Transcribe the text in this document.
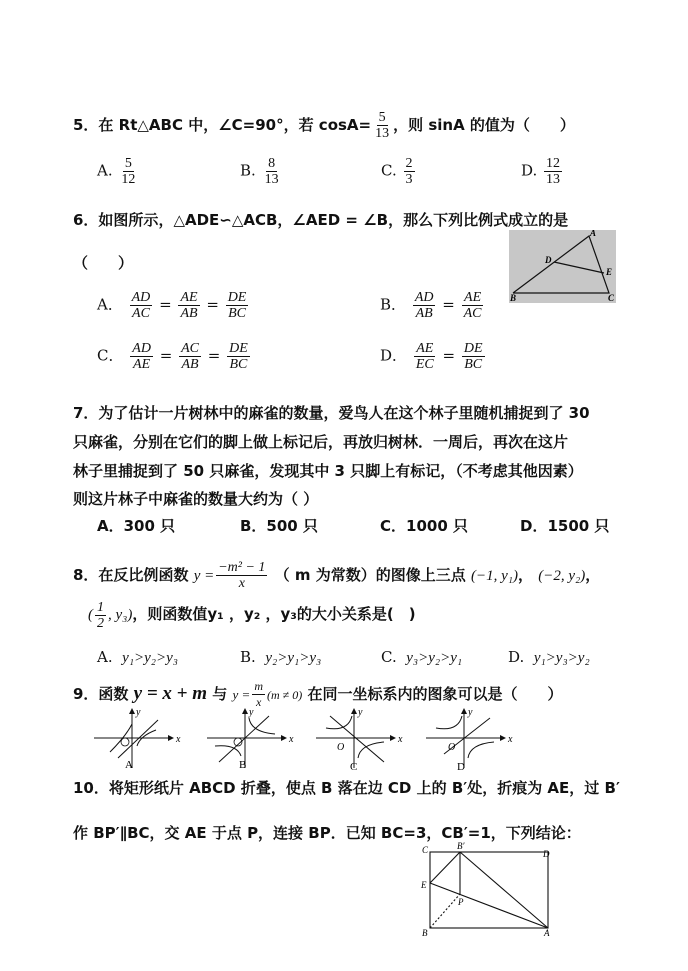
5．在 Rt△ABC 中，∠C=90°，若 $\cos A= \frac{5}{13}$ ，则 sinA 的值为（　　）
A. $\frac{5}{12}$	B. $\frac{8}{13}$	C. $\frac{2}{3}$	D. $\frac{12}{13}$
6．如图所示，△ADE∽△ACB，∠AED = ∠B，那么下列比例式成立的是
（　　）
A
D
E
B	C
A． $\frac{AD}{AC} = \frac{AE}{AB} = \frac{DE}{BC}$	B． $\frac{AD}{AB} = \frac{AE}{AC}$
C． $\frac{AD}{AE} = \frac{AC}{AB} = \frac{DE}{BC}$	D． $\frac{AE}{EC} = \frac{DE}{BC}$
7．为了估计一片树林中的麻雀的数量，爱鸟人在这个林子里随机捕捉到了 30
只麻雀，分别在它们的脚上做上标记后，再放归树林．一周后，再次在这片
林子里捕捉到了 50 只麻雀，发现其中 3 只脚上有标记，（不考虑其他因素）
则这片林子中麻雀的数量大约为（ ）
A．300 只	B．500 只	C．1000 只	D．1500 只
8．在反比例函数 $y = \frac{\text{−m² − 1}}{x}$ （ m 为常数）的图像上三点 (−1, y₁)， (−2, y₂)，
( $\frac{1}{2}$ , y₃)，则函数值y₁ ，y₂ ，y₃的大小关系是(　)
A. y₁>y₂>y₃	B. y₂>y₁>y₃	C. y₃>y₂>y₁	D. y₁>y₃>y₂
9．函数 y = x + m 与 $y = \frac{m}{x} (m \ne 0)$ 在同一坐标系内的图象可以是（　　）
y
x
A
y
x
B
y
x
O
C
y
x
O
D
10．将矩形纸片 ABCD 折叠，使点 B 落在边 CD 上的 B′处，折痕为 AE，过 B′
作 BP′∥BC，交 AE 于点 P，连接 BP．已知 BC=3，CB′=1，下列结论：
C	B′
D
E
P
B	A
